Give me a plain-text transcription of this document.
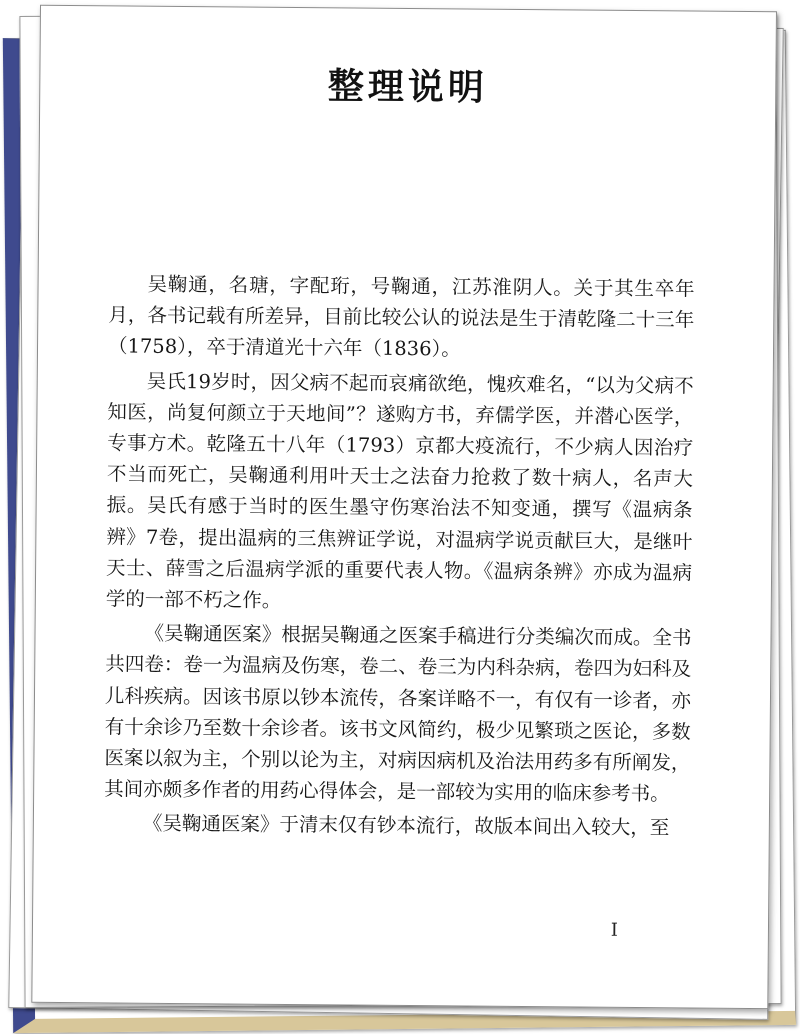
整理说明

吴鞠通，名瑭，字配珩，号鞠通，江苏淮阴人。关于其生卒年月，各书记载有所差异，目前比较公认的说法是生于清乾隆二十三年（1758），卒于清道光十六年（1836）。

吴氏19岁时，因父病不起而哀痛欲绝，愧疚难名，“以为父病不知医，尚复何颜立于天地间”？遂购方书，弃儒学医，并潜心医学，专事方术。乾隆五十八年（1793）京都大疫流行，不少病人因治疗不当而死亡，吴鞠通利用叶天士之法奋力抢救了数十病人，名声大振。吴氏有感于当时的医生墨守伤寒治法不知变通，撰写《温病条辨》7卷，提出温病的三焦辨证学说，对温病学说贡献巨大，是继叶天士、薛雪之后温病学派的重要代表人物。《温病条辨》亦成为温病学的一部不朽之作。

《吴鞠通医案》根据吴鞠通之医案手稿进行分类编次而成。全书共四卷：卷一为温病及伤寒，卷二、卷三为内科杂病，卷四为妇科及儿科疾病。因该书原以钞本流传，各案详略不一，有仅有一诊者，亦有十余诊乃至数十余诊者。该书文风简约，极少见繁琐之医论，多数医案以叙为主，个别以论为主，对病因病机及治法用药多有所阐发，其间亦颇多作者的用药心得体会，是一部较为实用的临床参考书。

《吴鞠通医案》于清末仅有钞本流行，故版本间出入较大，至

I
